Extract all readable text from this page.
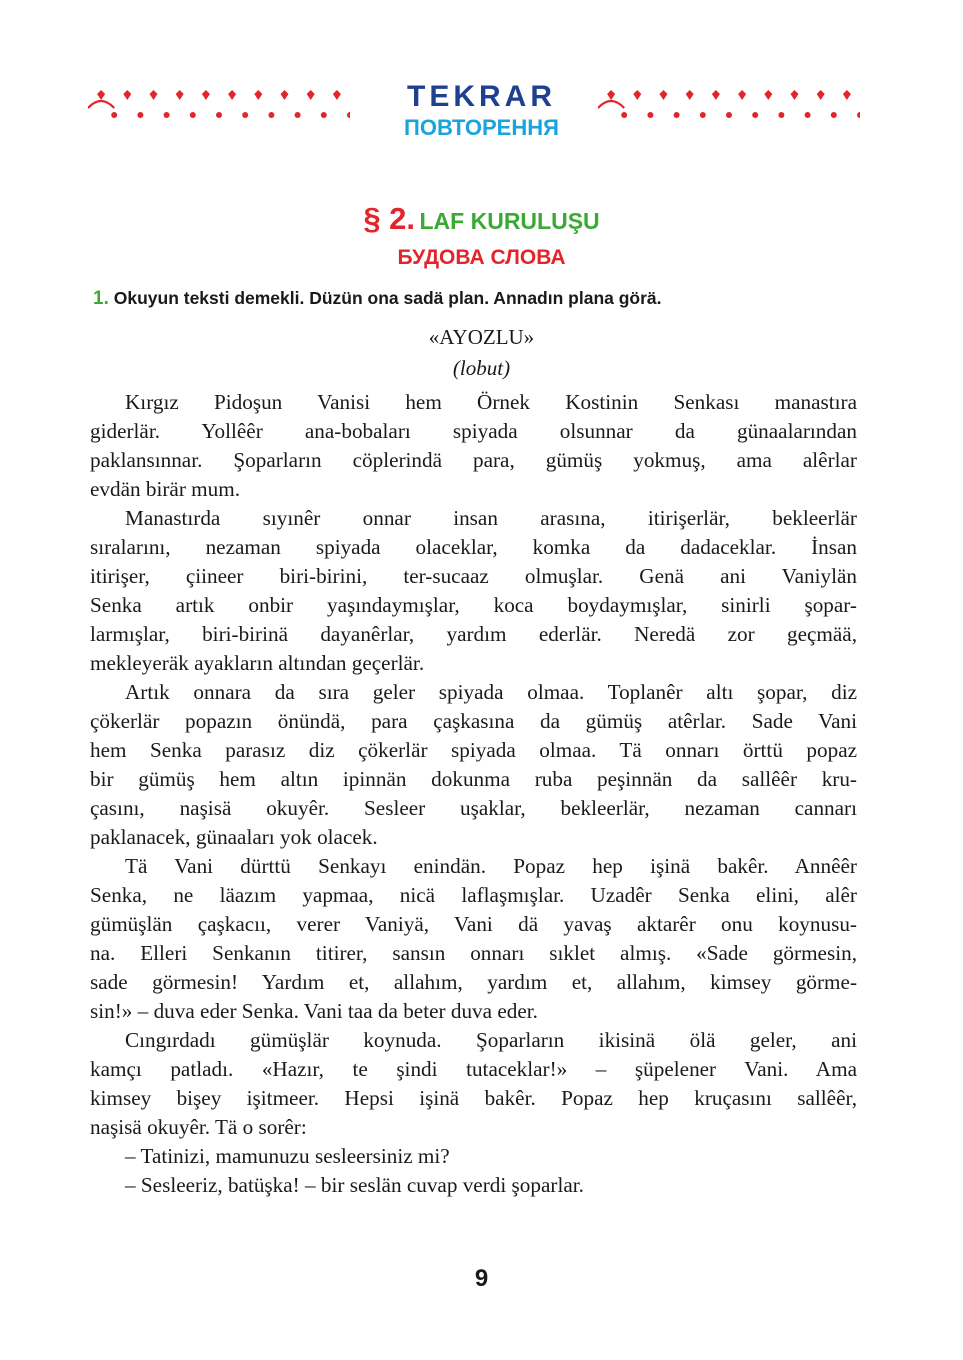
TEKRAR
ПОВТОРЕННЯ
§ 2. LAF KURULUŞU
БУДОВА СЛОВА
1. Okuyun teksti demekli. Düzün ona sadä plan. Annadın plana görä.
«AYOZLU»
(lobut)
Kırgız Pidoşun Vanisi hem Örnek Kostinin Senkası manastıra
giderlär. Yollêêr ana-bobaları spiyada olsunnar da günaalarından
paklansınnar. Şoparların cöplerindä para, gümüş yokmuş, ama alêrlar
evdän birär mum.
Manastırda sıyınêr onnar insan arasına, itirişerlär, bekleerlär
sıralarını, nezaman spiyada olaceklar, komka da dadaceklar. İnsan
itirişer, çiineer biri-birini, ter-sucaaz olmuşlar. Genä ani Vaniylän
Senka artık onbir yaşındaymışlar, koca boydaymışlar, sinirli şopar-
larmışlar, biri-birinä dayanêrlar, yardım ederlär. Neredä zor geçmää,
mekleyeräk ayakların altından geçerlär.
Artık onnara da sıra geler spiyada olmaa. Toplanêr altı şopar, diz
çökerlär popazın önündä, para çaşkasına da gümüş atêrlar. Sade Vani
hem Senka parasız diz çökerlär spiyada olmaa. Tä onnarı örttü popaz
bir gümüş hem altın ipinnän dokunma ruba peşinnän da sallêêr kru-
çasını, naşisä okuyêr. Sesleer uşaklar, bekleerlär, nezaman cannarı
paklanacek, günaaları yok olacek.
Tä Vani dürttü Senkayı enindän. Popaz hep işinä bakêr. Annêêr
Senka, ne läazım yapmaa, nicä laflaşmışlar. Uzadêr Senka elini, alêr
gümüşlän çaşkacıı, verer Vaniyä, Vani dä yavaş aktarêr onu koynusu-
na. Elleri Senkanın titirer, sansın onnarı sıklet almış. «Sade görmesin,
sade görmesin! Yardım et, allahım, yardım et, allahım, kimsey görme-
sin!» – duva eder Senka. Vani taa da beter duva eder.
Cıngırdadı gümüşlär koynuda. Şoparların ikisinä ölä geler, ani
kamçı patladı. «Hazır, te şindi tutaceklar!» – şüpelener Vani. Ama
kimsey bişey işitmeer. Hepsi işinä bakêr. Popaz hep kruçasını sallêêr,
naşisä okuyêr. Tä o sorêr:
– Tatinizi, mamunuzu sesleersiniz mi?
– Sesleeriz, batüşka! – bir seslän cuvap verdi şoparlar.
9
